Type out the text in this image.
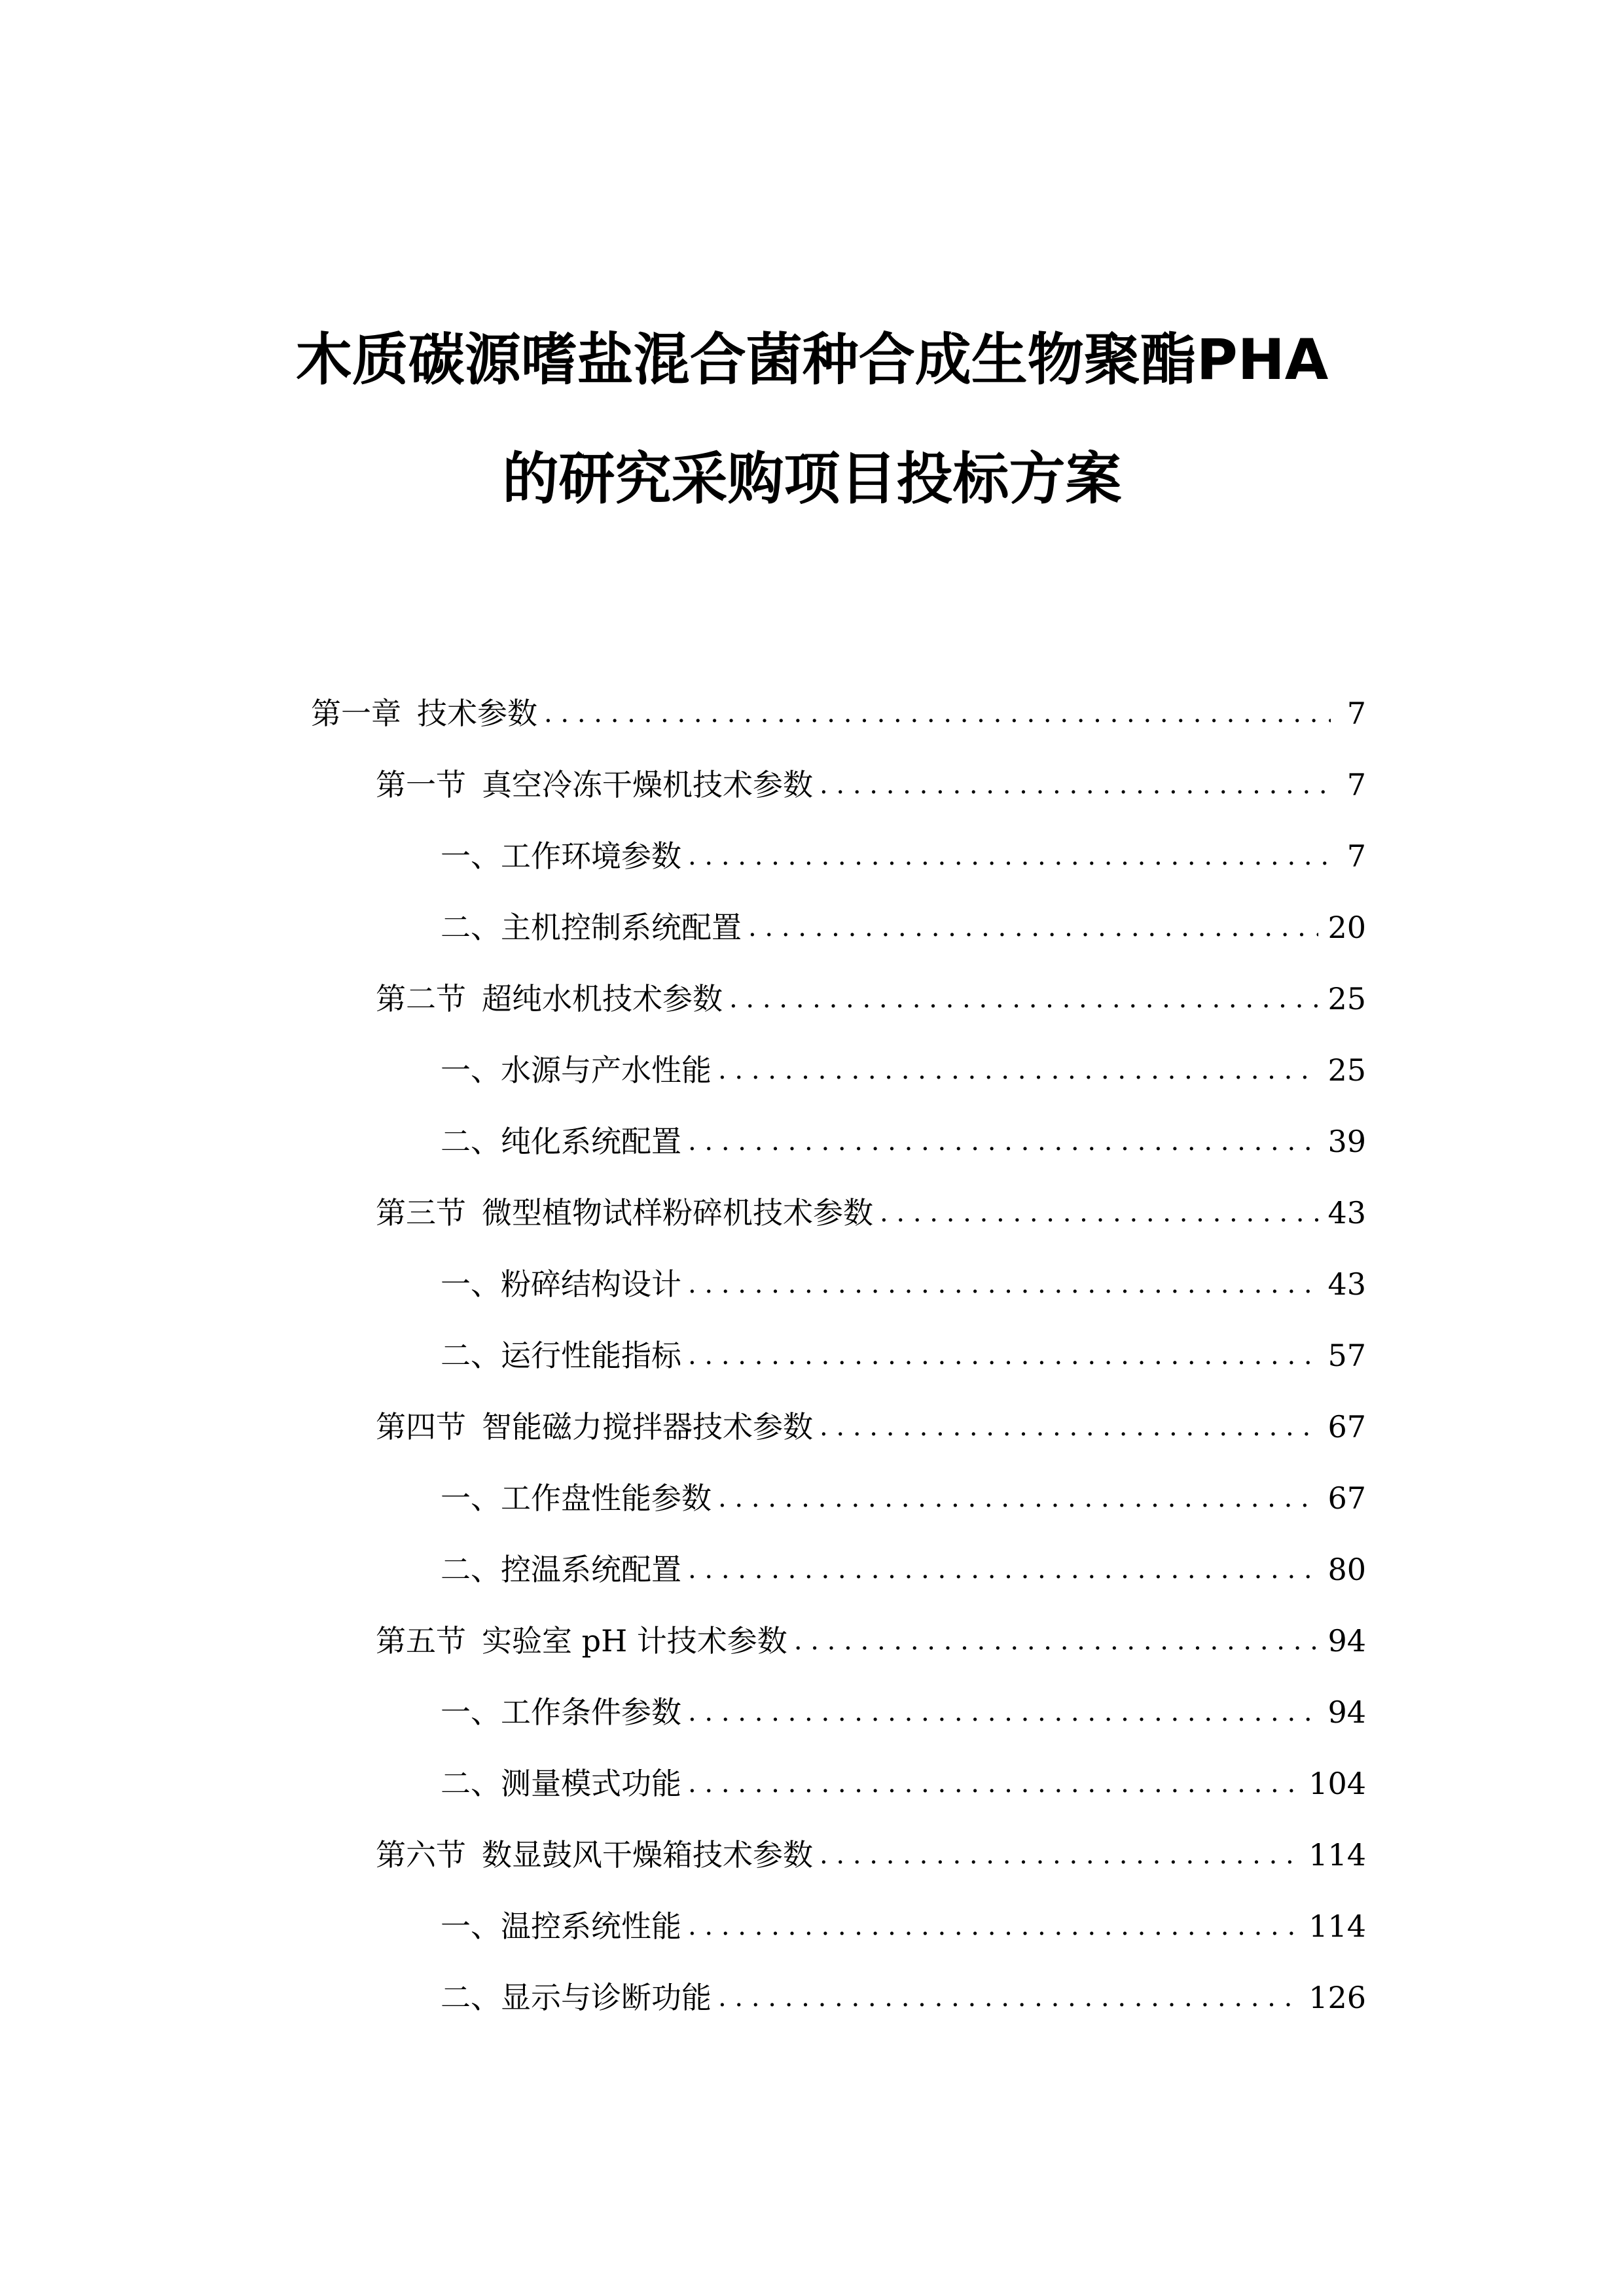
木质碳源嗜盐混合菌种合成生物聚酯PHA
的研究采购项目投标方案
第一章 技术参数 . . .	7
第一节 真空冷冻干燥机技术参数 . . .	7
一、 工作环境参数 . . .	7
二、 主机控制系统配置 . . .	20
第二节 超纯水机技术参数 . . .	25
一、 水源与产水性能 . . .	25
二、 纯化系统配置 . . .	39
第三节 微型植物试样粉碎机技术参数 . . .	43
一、 粉碎结构设计 . . .	43
二、 运行性能指标 . . .	57
第四节 智能磁力搅拌器技术参数 . . .	67
一、 工作盘性能参数 . . .	67
二、 控温系统配置 . . .	80
第五节 实验室 pH 计技术参数 . . .	94
一、 工作条件参数 . . .	94
二、 测量模式功能 . . .	104
第六节 数显鼓风干燥箱技术参数 . . .	114
一、 温控系统性能 . . .	114
二、 显示与诊断功能 . . .	126
